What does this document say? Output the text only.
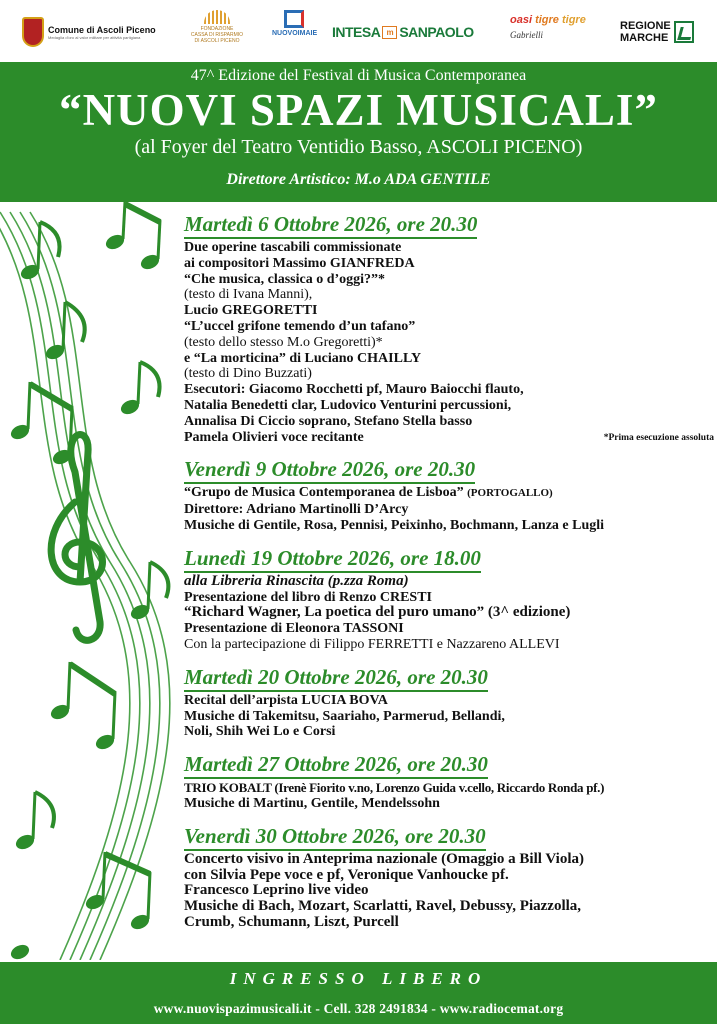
Comune di Ascoli Piceno
Medaglia d'oro al valor militare per attività partigiana
FONDAZIONE
CASSA DI RISPARMIO
DI ASCOLI PICENO
NUOVOIMAIE INTESA m SANPAOLO
oasi tigre tigre
Gabrielli
REGIONE
MARCHE
47^ Edizione del Festival di Musica Contemporanea
“NUOVI SPAZI MUSICALI”
(al Foyer del Teatro Ventidio Basso, ASCOLI PICENO)
Direttore Artistico: M.o ADA GENTILE
Martedì 6 Ottobre 2026, ore 20.30
Due operine tascabili commissionate
ai compositori Massimo GIANFREDA
“Che musica, classica o d’oggi?”*
(testo di Ivana Manni),
Lucio GREGORETTI
“L’uccel grifone temendo d’un tafano”
(testo dello stesso M.o Gregoretti)*
e “La morticina” di Luciano CHAILLY
(testo di Dino Buzzati)
Esecutori: Giacomo Rocchetti pf, Mauro Baiocchi flauto,
Natalia Benedetti clar, Ludovico Venturini percussioni,
Annalisa Di Ciccio soprano, Stefano Stella basso
Pamela Olivieri voce recitante	*Prima esecuzione assoluta
Venerdì 9 Ottobre 2026, ore 20.30
“Grupo de Musica Contemporanea de Lisboa” (PORTOGALLO)
Direttore: Adriano Martinolli D’Arcy
Musiche di Gentile, Rosa, Pennisi, Peixinho, Bochmann, Lanza e Lugli
Lunedì 19 Ottobre 2026, ore 18.00
alla Libreria Rinascita (p.zza Roma)
Presentazione del libro di Renzo CRESTI
“Richard Wagner, La poetica del puro umano” (3^ edizione)
Presentazione di Eleonora TASSONI
Con la partecipazione di Filippo FERRETTI e Nazzareno ALLEVI
Martedì 20 Ottobre 2026, ore 20.30
Recital dell’arpista LUCIA BOVA
Musiche di Takemitsu, Saariaho, Parmerud, Bellandi,
Noli, Shih Wei Lo e Corsi
Martedì 27 Ottobre 2026, ore 20.30
TRIO KOBALT (Irenè Fiorito v.no, Lorenzo Guida v.cello, Riccardo Ronda pf.)
Musiche di Martinu, Gentile, Mendelssohn
Venerdì 30 Ottobre 2026, ore 20.30
Concerto visivo in Anteprima nazionale (Omaggio a Bill Viola)
con Silvia Pepe voce e pf, Veronique Vanhoucke pf.
Francesco Leprino live video
Musiche di Bach, Mozart, Scarlatti, Ravel, Debussy, Piazzolla,
Crumb, Schumann, Liszt, Purcell
INGRESSO LIBERO
www.nuovispazimusicali.it - Cell. 328 2491834 - www.radiocemat.org
